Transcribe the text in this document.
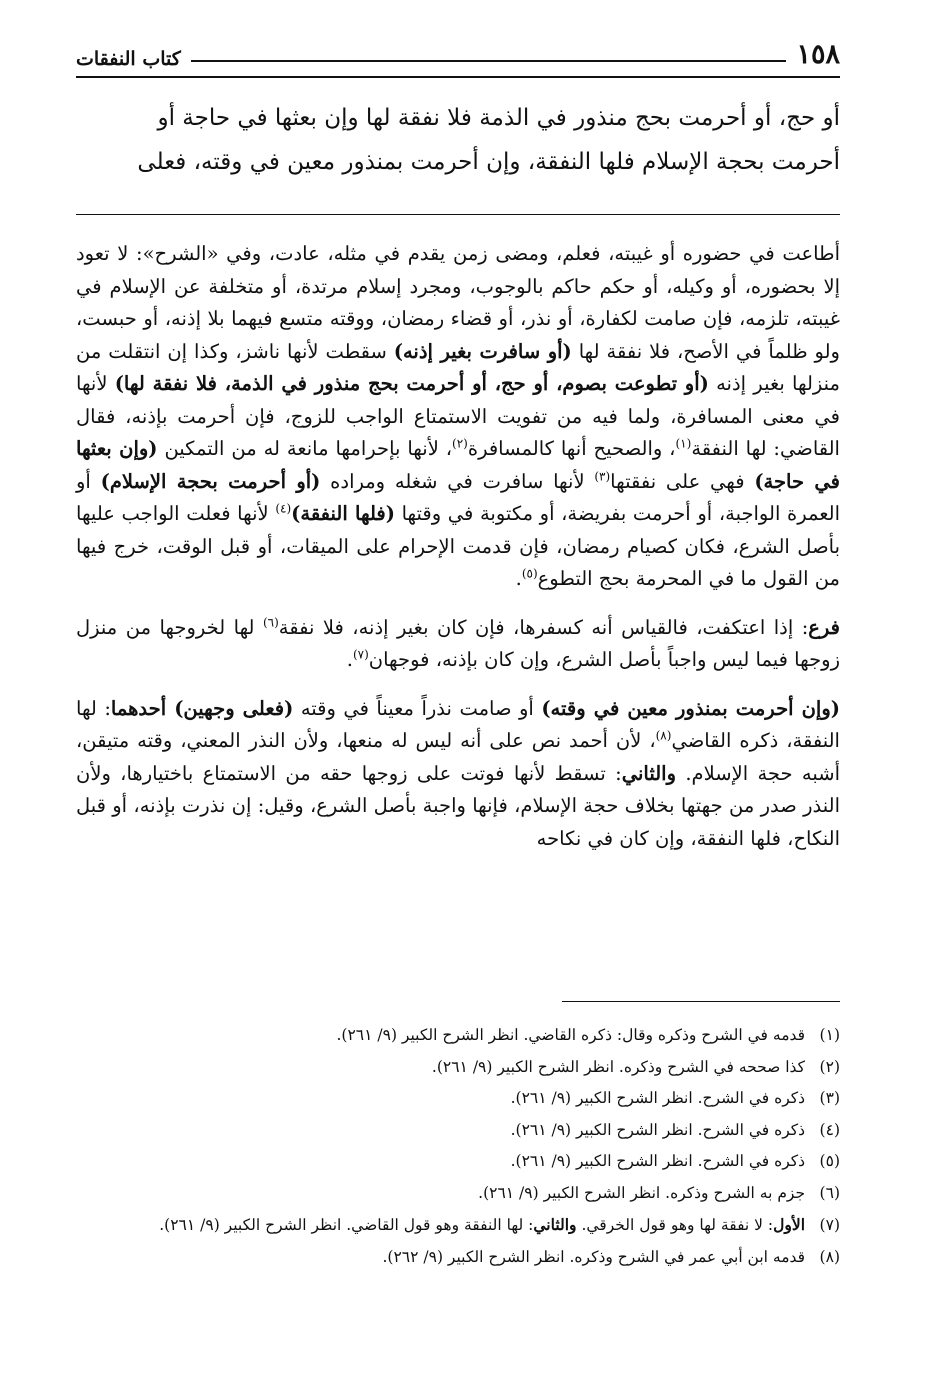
كتاب النفقات	١٥٨
أو حج، أو أحرمت بحج منذور في الذمة فلا نفقة لها وإن بعثها في حاجة أو
أحرمت بحجة الإسلام فلها النفقة، وإن أحرمت بمنذور معين في وقته، فعلى

أطاعت في حضوره أو غيبته، فعلم، ومضى زمن يقدم في مثله، عادت، وفي «الشرح»: لا تعود إلا بحضوره، أو وكيله، أو حكم حاكم بالوجوب، ومجرد إسلام مرتدة، أو متخلفة عن الإسلام في غيبته، تلزمه، فإن صامت لكفارة، أو نذر، أو قضاء رمضان، ووقته متسع فيهما بلا إذنه، أو حبست، ولو ظلماً في الأصح، فلا نفقة لها (أو سافرت بغير إذنه) سقطت لأنها ناشز، وكذا إن انتقلت من منزلها بغير إذنه (أو تطوعت بصوم، أو حج، أو أحرمت بحج منذور في الذمة، فلا نفقة لها) لأنها في معنى المسافرة، ولما فيه من تفويت الاستمتاع الواجب للزوج، فإن أحرمت بإذنه، فقال القاضي: لها النفقة$^{(١)}$، والصحيح أنها كالمسافرة$^{(٢)}$، لأنها بإحرامها مانعة له من التمكين (وإن بعثها في حاجة) فهي على نفقتها$^{(٣)}$ لأنها سافرت في شغله ومراده (أو أحرمت بحجة الإسلام) أو العمرة الواجبة، أو أحرمت بفريضة، أو مكتوبة في وقتها (فلها النفقة)$^{(٤)}$ لأنها فعلت الواجب عليها بأصل الشرع، فكان كصيام رمضان، فإن قدمت الإحرام على الميقات، أو قبل الوقت، خرج فيها من القول ما في المحرمة بحج التطوع$^{(٥)}$.

فرع: إذا اعتكفت، فالقياس أنه كسفرها، فإن كان بغير إذنه، فلا نفقة$^{(٦)}$ لها لخروجها من منزل زوجها فيما ليس واجباً بأصل الشرع، وإن كان بإذنه، فوجهان$^{(٧)}$.

(وإن أحرمت بمنذور معين في وقته) أو صامت نذراً معيناً في وقته (فعلى وجهين) أحدهما: لها النفقة، ذكره القاضي$^{(٨)}$، لأن أحمد نص على أنه ليس له منعها، ولأن النذر المعني، وقته متيقن، أشبه حجة الإسلام. والثاني: تسقط لأنها فوتت على زوجها حقه من الاستمتاع باختيارها، ولأن النذر صدر من جهتها بخلاف حجة الإسلام، فإنها واجبة بأصل الشرع، وقيل: إن نذرت بإذنه، أو قبل النكاح، فلها النفقة، وإن كان في نكاحه

(١) قدمه في الشرح وذكره وقال: ذكره القاضي. انظر الشرح الكبير (٩/ ٢٦١).
(٢) كذا صححه في الشرح وذكره. انظر الشرح الكبير (٩/ ٢٦١).
(٣) ذكره في الشرح. انظر الشرح الكبير (٩/ ٢٦١).
(٤) ذكره في الشرح. انظر الشرح الكبير (٩/ ٢٦١).
(٥) ذكره في الشرح. انظر الشرح الكبير (٩/ ٢٦١).
(٦) جزم به الشرح وذكره. انظر الشرح الكبير (٩/ ٢٦١).
(٧) الأول: لا نفقة لها وهو قول الخرقي. والثاني: لها النفقة وهو قول القاضي. انظر الشرح الكبير (٩/ ٢٦١).
(٨) قدمه ابن أبي عمر في الشرح وذكره. انظر الشرح الكبير (٩/ ٢٦٢).
